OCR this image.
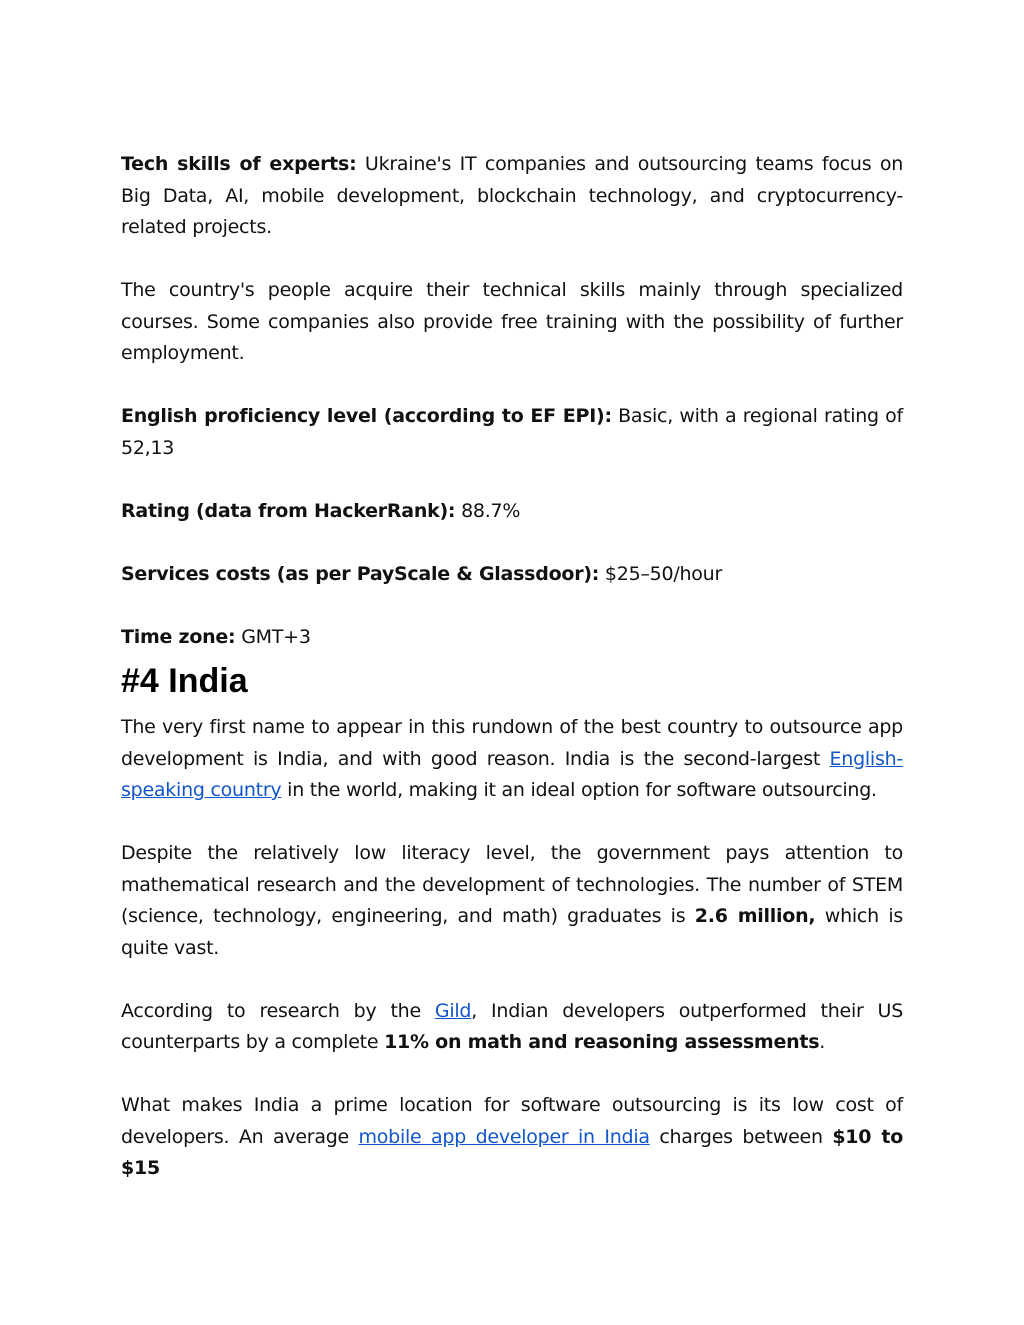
Tech skills of experts: Ukraine's IT companies and outsourcing teams focus on Big Data, AI, mobile development, blockchain technology, and cryptocurrency-related projects.

The country's people acquire their technical skills mainly through specialized courses. Some companies also provide free training with the possibility of further employment.

English proficiency level (according to EF EPI): Basic, with a regional rating of 52,13

Rating (data from HackerRank): 88.7%

Services costs (as per PayScale & Glassdoor): $25–50/hour

Time zone: GMT+3

#4 India

The very first name to appear in this rundown of the best country to outsource app development is India, and with good reason. India is the second-largest English-speaking country in the world, making it an ideal option for software outsourcing.

Despite the relatively low literacy level, the government pays attention to mathematical research and the development of technologies. The number of STEM (science, technology, engineering, and math) graduates is 2.6 million, which is quite vast.

According to research by the Gild, Indian developers outperformed their US counterparts by a complete 11% on math and reasoning assessments.

What makes India a prime location for software outsourcing is its low cost of developers. An average mobile app developer in India charges between $10 to $15
